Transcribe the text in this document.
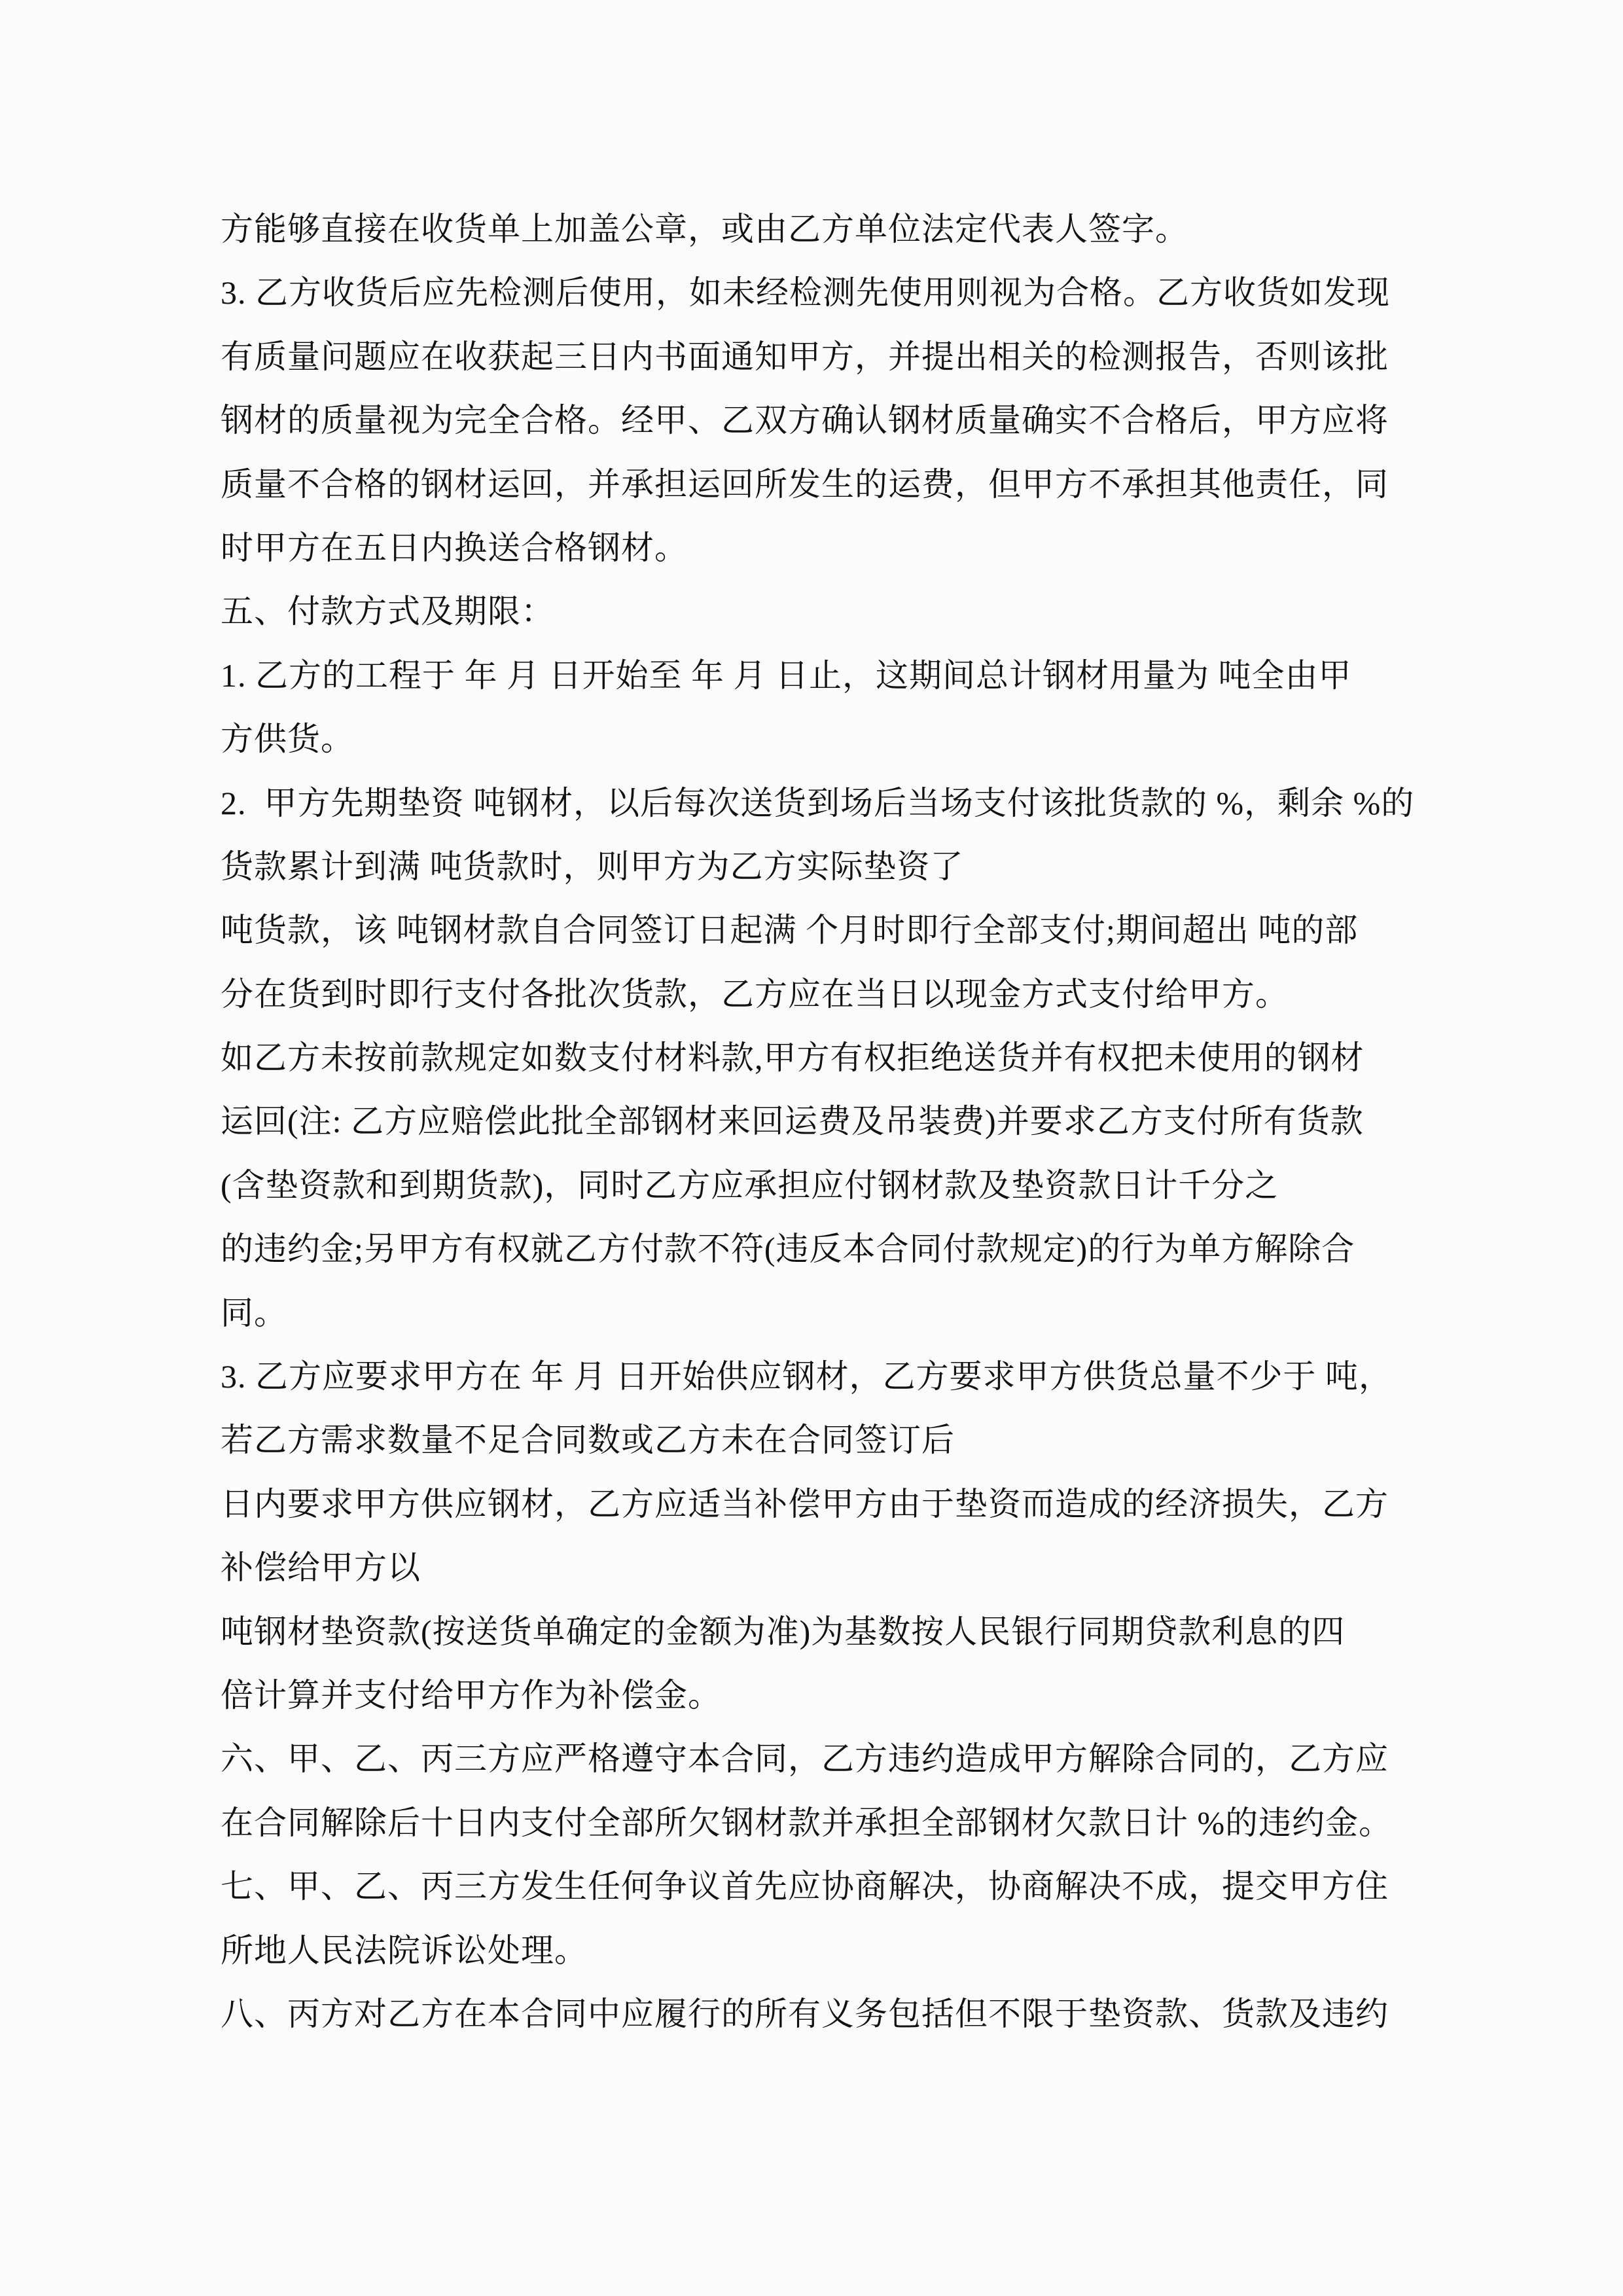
方能够直接在收货单上加盖公章，或由乙方单位法定代表人签字。

3. 乙方收货后应先检测后使用，如未经检测先使用则视为合格。乙方收货如发现

有质量问题应在收获起三日内书面通知甲方，并提出相关的检测报告，否则该批

钢材的质量视为完全合格。经甲、乙双方确认钢材质量确实不合格后，甲方应将

质量不合格的钢材运回，并承担运回所发生的运费，但甲方不承担其他责任，同

时甲方在五日内换送合格钢材。

五、付款方式及期限：

1. 乙方的工程于 年 月 日开始至 年 月 日止，这期间总计钢材用量为 吨全由甲

方供货。

2.  甲方先期垫资 吨钢材，以后每次送货到场后当场支付该批货款的 %，剩余 %的

货款累计到满 吨货款时，则甲方为乙方实际垫资了

吨货款，该 吨钢材款自合同签订日起满 个月时即行全部支付;期间超出 吨的部

分在货到时即行支付各批次货款，乙方应在当日以现金方式支付给甲方。

如乙方未按前款规定如数支付材料款,甲方有权拒绝送货并有权把未使用的钢材

运回(注: 乙方应赔偿此批全部钢材来回运费及吊装费)并要求乙方支付所有货款

(含垫资款和到期货款)，同时乙方应承担应付钢材款及垫资款日计千分之

的违约金;另甲方有权就乙方付款不符(违反本合同付款规定)的行为单方解除合

同。

3. 乙方应要求甲方在 年 月 日开始供应钢材，乙方要求甲方供货总量不少于 吨，

若乙方需求数量不足合同数或乙方未在合同签订后

日内要求甲方供应钢材，乙方应适当补偿甲方由于垫资而造成的经济损失，乙方

补偿给甲方以

吨钢材垫资款(按送货单确定的金额为准)为基数按人民银行同期贷款利息的四

倍计算并支付给甲方作为补偿金。

六、甲、乙、丙三方应严格遵守本合同，乙方违约造成甲方解除合同的，乙方应

在合同解除后十日内支付全部所欠钢材款并承担全部钢材欠款日计 %的违约金。

七、甲、乙、丙三方发生任何争议首先应协商解决，协商解决不成，提交甲方住

所地人民法院诉讼处理。

八、丙方对乙方在本合同中应履行的所有义务包括但不限于垫资款、货款及违约
